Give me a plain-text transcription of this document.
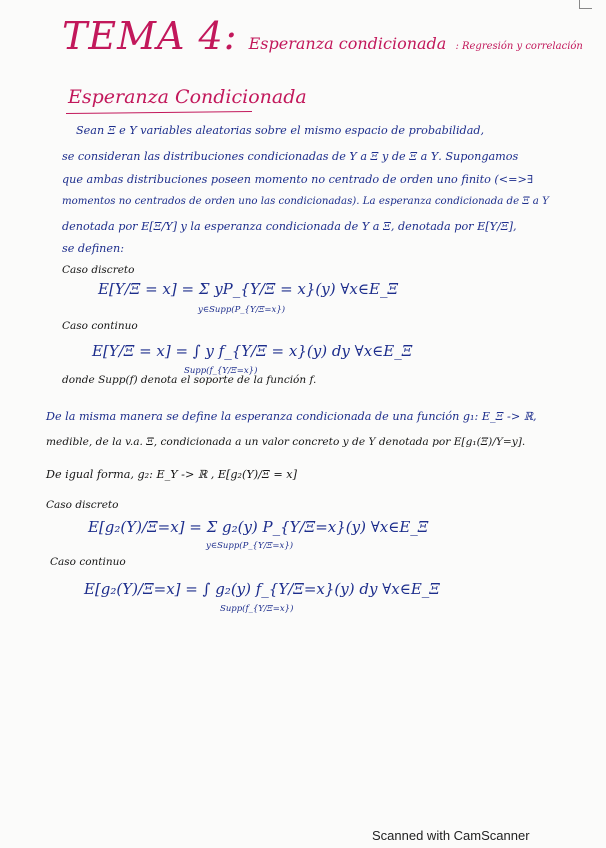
TEMA 4: Esperanza condicionada : Regresión y correlación
Esperanza Condicionada
Sean Ξ e Υ variables aleatorias sobre el mismo espacio de probabilidad,
se consideran las distribuciones condicionadas de Υ a Ξ y de Ξ a Υ. Supongamos
que ambas distribuciones poseen momento no centrado de orden uno finito (<=>∃
momentos no centrados de orden uno las condicionadas). La esperanza condicionada de Ξ a Υ
denotada por E[Ξ/Υ] y la esperanza condicionada de Υ a Ξ, denotada por E[Υ/Ξ],
se definen:
Caso discreto
E[Υ/Ξ = x] = Σ yP_{Υ/Ξ = x}(y) ∀x∈E_Ξ
y∈Supp(P_{Υ/Ξ=x})
Caso continuo
E[Υ/Ξ = x] = ∫ y f_{Υ/Ξ = x}(y) dy ∀x∈E_Ξ
Supp(f_{Υ/Ξ=x})
donde Supp(f) denota el soporte de la función f.
De la misma manera se define la esperanza condicionada de una función g₁: E_Ξ -> ℝ,
medible, de la v.a. Ξ, condicionada a un valor concreto y de Υ denotada por E[g₁(Ξ)/Υ=y].
De igual forma, g₂: E_Υ -> ℝ , E[g₂(Υ)/Ξ = x]
Caso discreto
E[g₂(Υ)/Ξ=x] = Σ g₂(y) P_{Υ/Ξ=x}(y) ∀x∈E_Ξ
y∈Supp(P_{Υ/Ξ=x})
Caso continuo
E[g₂(Υ)/Ξ=x] = ∫ g₂(y) f_{Υ/Ξ=x}(y) dy ∀x∈E_Ξ
Supp(f_{Υ/Ξ=x})
Scanned with CamScanner
